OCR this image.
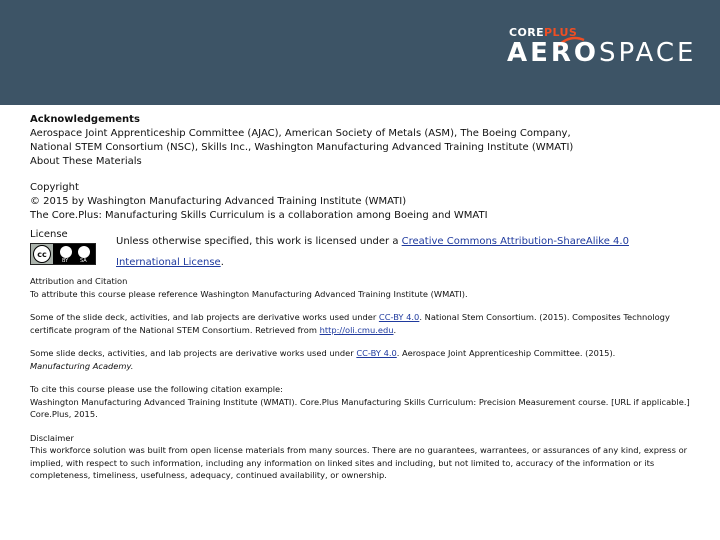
COREPLUS
AEROSPACE

Acknowledgements

Aerospace Joint Apprenticeship Committee (AJAC), American Society of Metals (ASM), The Boeing Company,

National STEM Consortium (NSC), Skills Inc., Washington Manufacturing Advanced Training Institute (WMATI)

About These Materials

Copyright

© 2015 by Washington Manufacturing Advanced Training Institute (WMATI)

The Core.Plus: Manufacturing Skills Curriculum is a collaboration among Boeing and WMATI

License
cc
BY SA
Unless otherwise specified, this work is licensed under a Creative Commons Attribution-ShareAlike 4.0 International License.

Attribution and Citation

To attribute this course please reference Washington Manufacturing Advanced Training Institute (WMATI).

Some of the slide deck, activities, and lab projects are derivative works used under CC-BY 4.0. National Stem Consortium. (2015). Composites Technology certificate program of the National STEM Consortium. Retrieved from http://oli.cmu.edu.
Some slide decks, activities, and lab projects are derivative works used under CC-BY 4.0. Aerospace Joint Apprenticeship Committee. (2015).
Manufacturing Academy.

To cite this course please use the following citation example:

Washington Manufacturing Advanced Training Institute (WMATI). Core.Plus Manufacturing Skills Curriculum: Precision Measurement course. [URL if applicable.] Core.Plus, 2015.

Disclaimer

This workforce solution was built from open license materials from many sources. There are no guarantees, warrantees, or assurances of any kind, express or implied, with respect to such information, including any information on linked sites and including, but not limited to, accuracy of the information or its completeness, timeliness, usefulness, adequacy, continued availability, or ownership.
